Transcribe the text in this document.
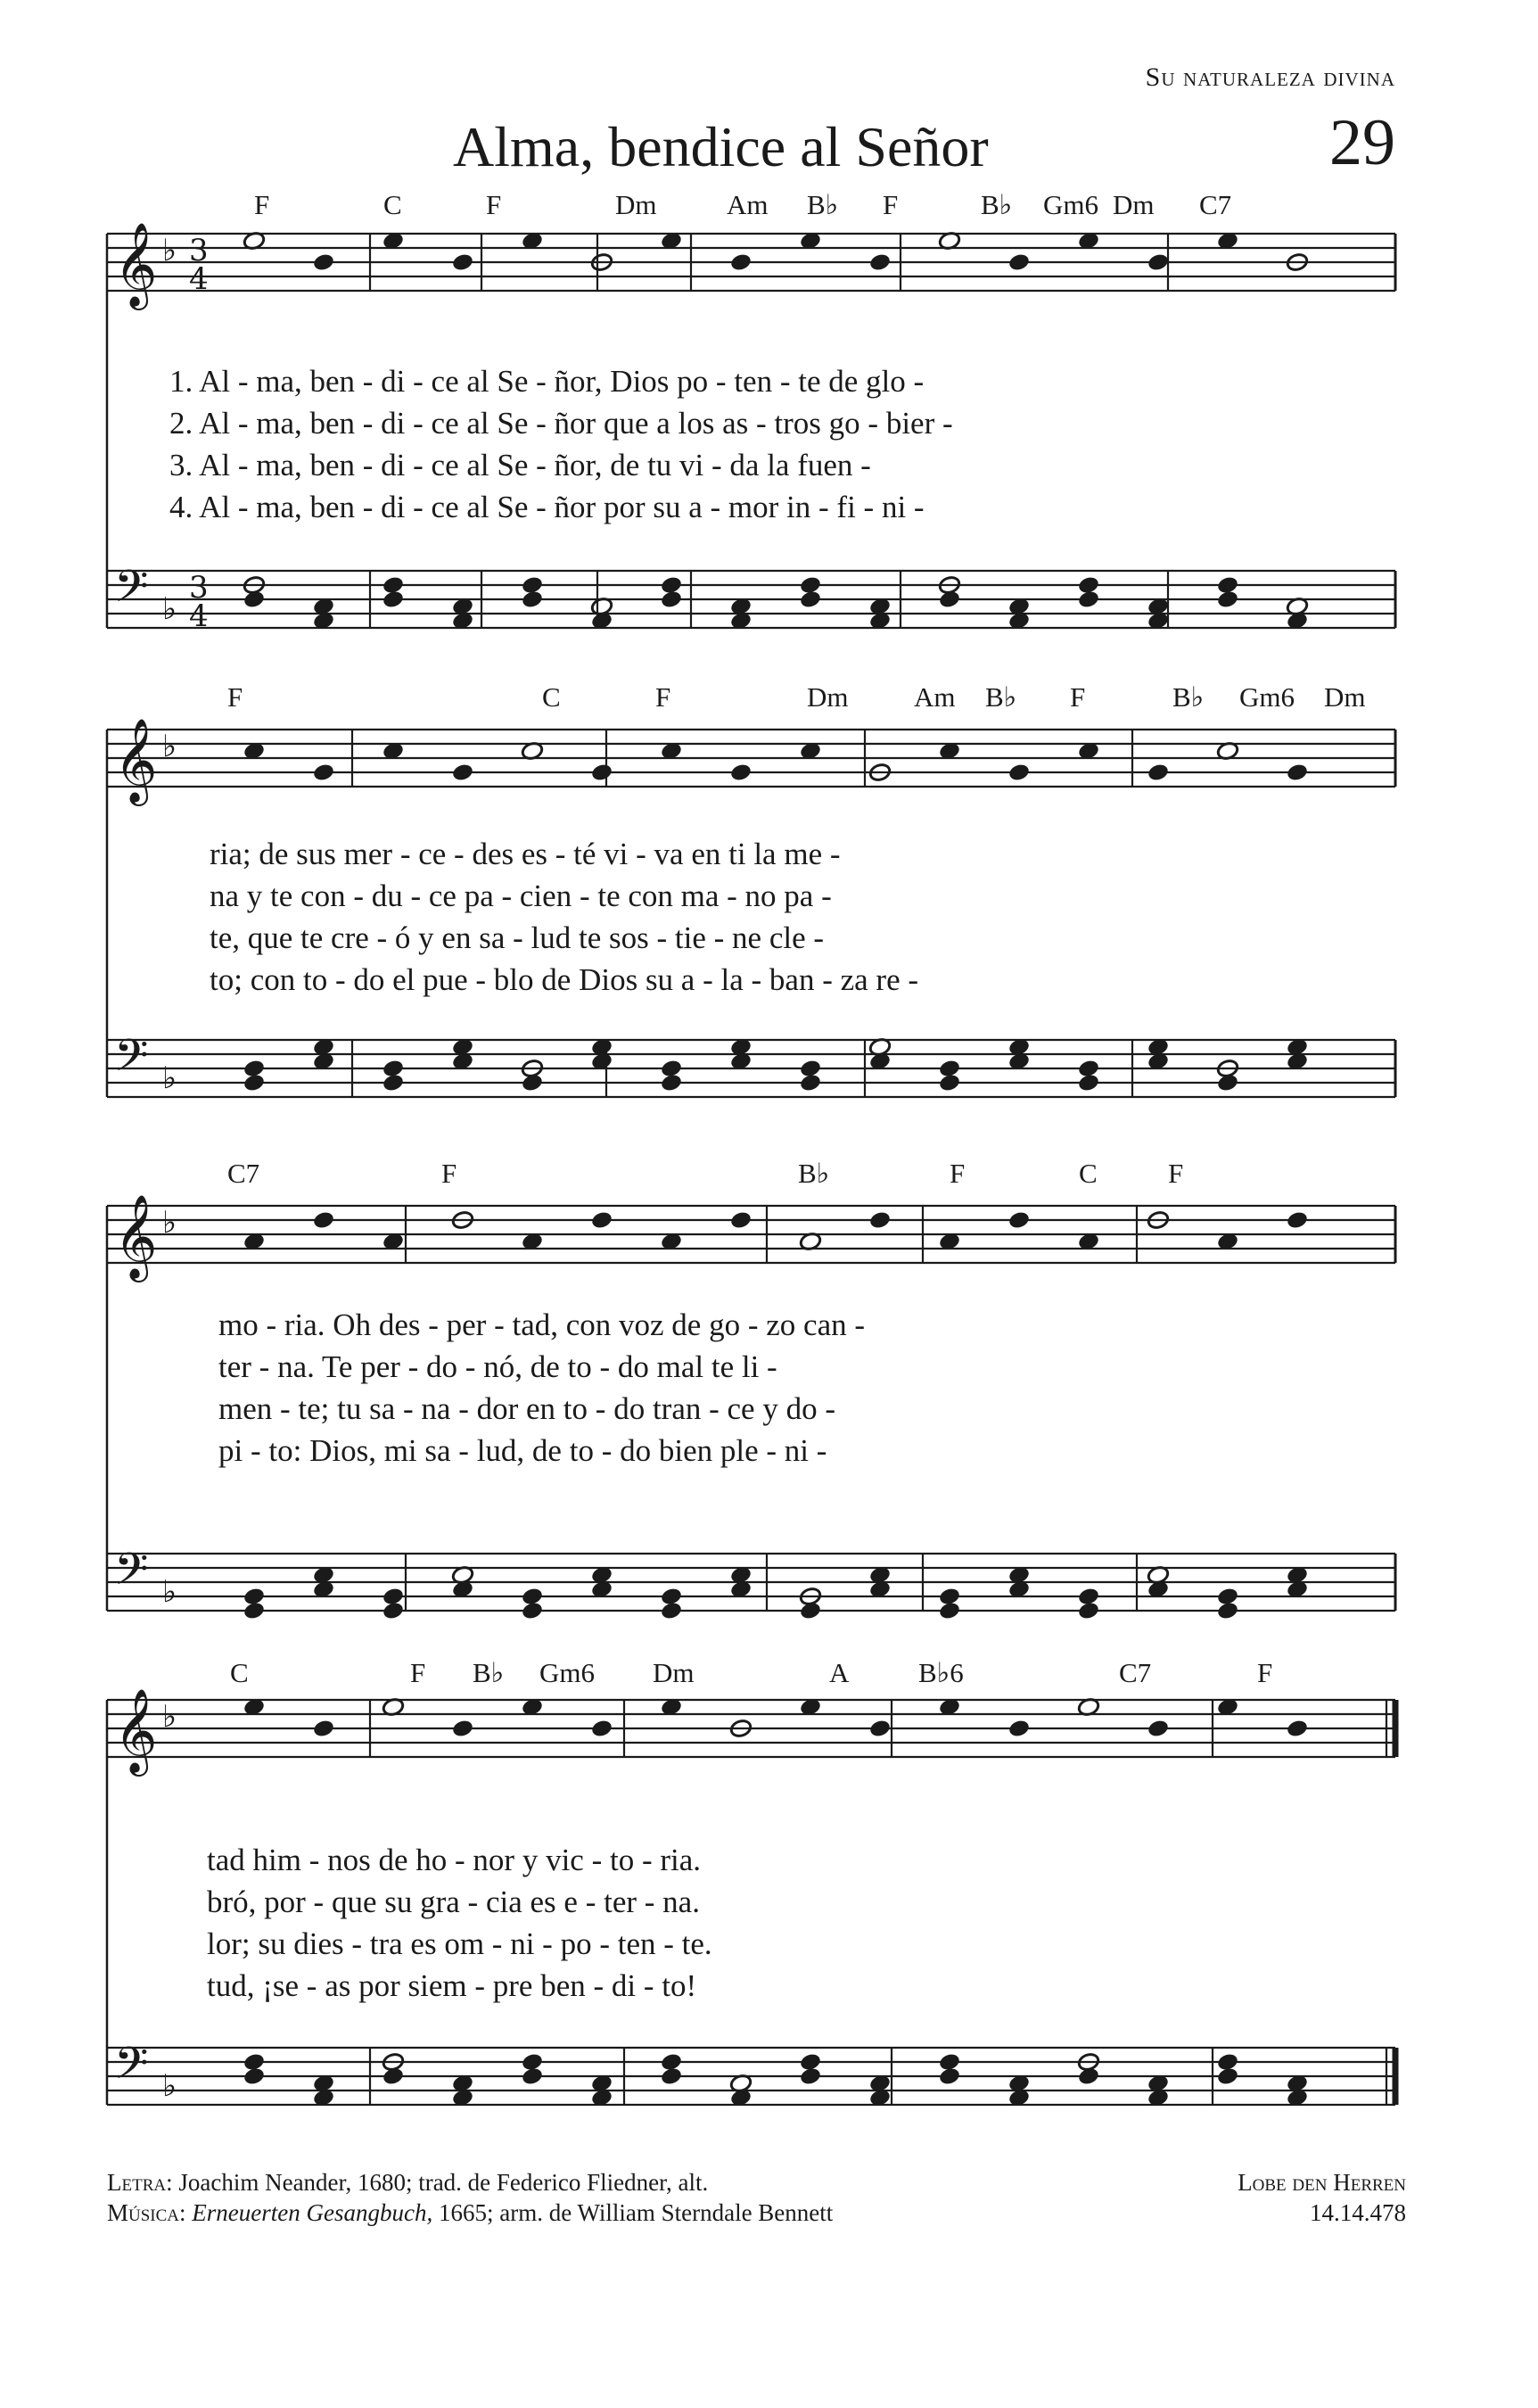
Su naturaleza divina
Alma, bendice al Señor	29
𝄞 ♭ 3
4
𝄢 ♭
3
4
𝄞 ♭
𝄢 ♭
𝄞 ♭
𝄢 ♭
𝄞 ♭
𝄢 ♭
F	C	F	Dm	Am B♭ F	B♭ Gm6 Dm C7
1. Al - ma, ben - di - ce al Se - ñor, Dios po - ten - te de glo -
2. Al - ma, ben - di - ce al Se - ñor que a los as - tros go - bier -
3. Al - ma, ben - di - ce al Se - ñor, de tu vi - da la fuen -
4. Al - ma, ben - di - ce al Se - ñor por su a - mor in - fi - ni -
F	C	F	Dm Am B♭ F	B♭ Gm6 Dm
ria; de sus mer - ce - des es - té vi - va en ti la me -
na y te con - du - ce pa - cien - te con ma - no pa -
te, que te cre - ó y en sa - lud te sos - tie - ne cle -
to; con to - do el pue - blo de Dios su a - la - ban - za re -
C7	F	B♭	F	C	F
mo - ria. Oh des - per - tad, con voz de go - zo can -
ter - na. Te per - do - nó, de to - do mal te li -
men - te; tu sa - na - dor en to - do tran - ce y do -
pi - to: Dios, mi sa - lud, de to - do bien ple - ni -
C	F B♭ Gm6 Dm	A	B♭6	C7	F
tad him - nos de ho - nor y vic - to - ria.
bró, por - que su gra - cia es e - ter - na.
lor; su dies - tra es om - ni - po - ten - te.
tud, ¡se - as por siem - pre ben - di - to!
Letra: Joachim Neander, 1680; trad. de Federico Fliedner, alt.
Música: Erneuerten Gesangbuch, 1665; arm. de William Sterndale Bennett
Lobe den Herren
14.14.478
